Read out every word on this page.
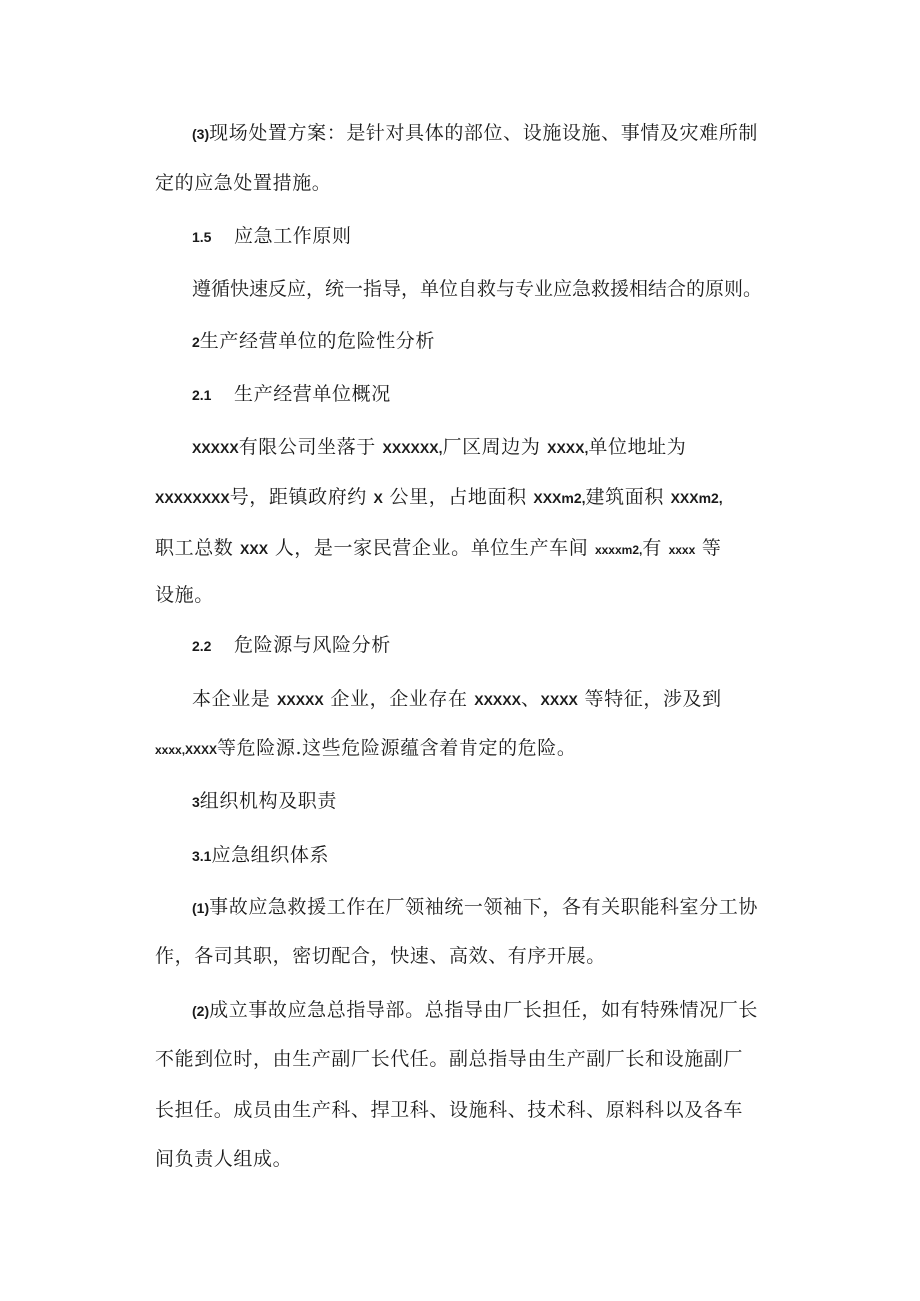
(3)现场处置方案：是针对具体的部位、设施设施、事情及灾难所制
定的应急处置措施。
1.5 应急工作原则
遵循快速反应，统一指导，单位自救与专业应急救援相结合的原则。
2生产经营单位的危险性分析
2.1 生产经营单位概况
XXXXX有限公司坐落于 XXXXXX,厂区周边为 XXXX,单位地址为
XXXXXXXX号，距镇政府约 X 公里，占地面积 XXXm2,建筑面积 XXXm2,
职工总数 XXX 人，是一家民营企业。单位生产车间 xxxxm2,有 xxxx 等
设施。
2.2 危险源与风险分析
本企业是 XXXXX 企业，企业存在 XXXXX、XXXX 等特征，涉及到
xxxx,XXXX等危险源.这些危险源蕴含着肯定的危险。
3组织机构及职责
3.1应急组织体系
(1)事故应急救援工作在厂领袖统一领袖下，各有关职能科室分工协
作，各司其职，密切配合，快速、高效、有序开展。
(2)成立事故应急总指导部。总指导由厂长担任，如有特殊情况厂长
不能到位时，由生产副厂长代任。副总指导由生产副厂长和设施副厂
长担任。成员由生产科、捍卫科、设施科、技术科、原料科以及各车
间负责人组成。
